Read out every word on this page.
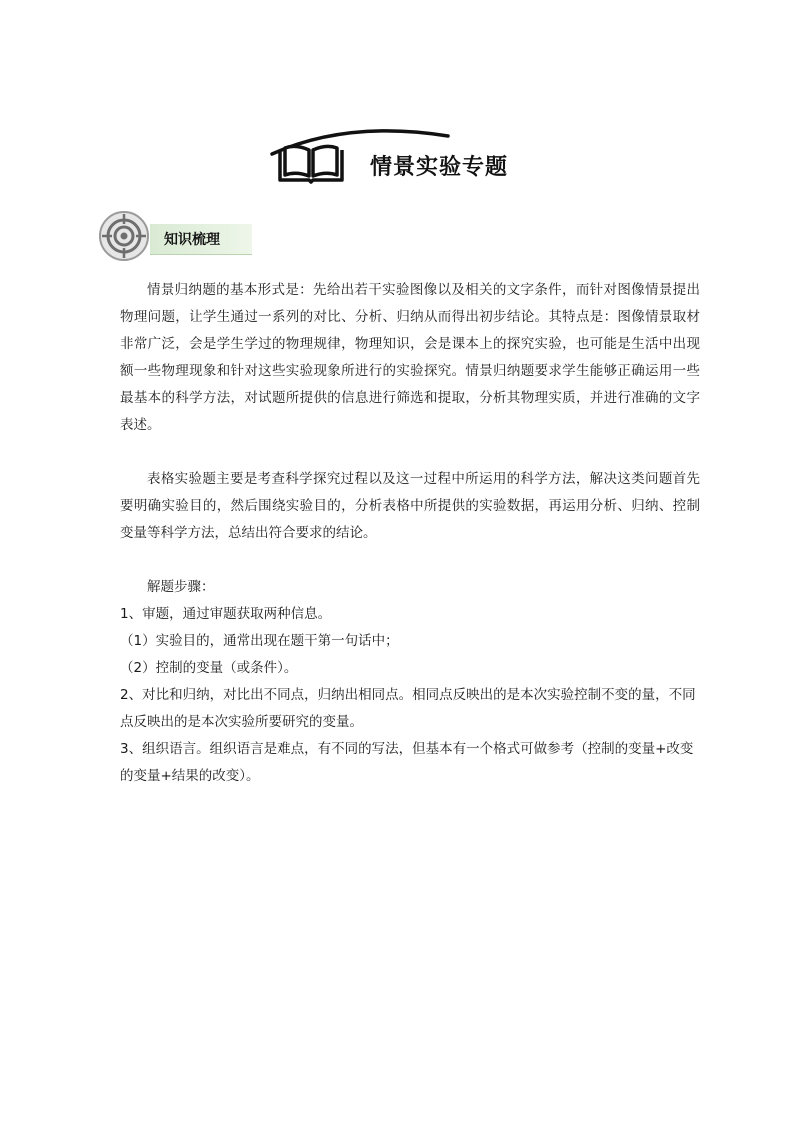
情景实验专题
知识梳理

情景归纳题的基本形式是：先给出若干实验图像以及相关的文字条件，而针对图像情景提出物理问题，让学生通过一系列的对比、分析、归纳从而得出初步结论。其特点是：图像情景取材非常广泛，会是学生学过的物理规律，物理知识，会是课本上的探究实验，也可能是生活中出现额一些物理现象和针对这些实验现象所进行的实验探究。情景归纳题要求学生能够正确运用一些最基本的科学方法，对试题所提供的信息进行筛选和提取，分析其物理实质，并进行准确的文字表述。

表格实验题主要是考查科学探究过程以及这一过程中所运用的科学方法，解决这类问题首先要明确实验目的，然后围绕实验目的，分析表格中所提供的实验数据，再运用分析、归纳、控制变量等科学方法，总结出符合要求的结论。

解题步骤：

1、审题，通过审题获取两种信息。

（1）实验目的，通常出现在题干第一句话中；

（2）控制的变量（或条件）。

2、对比和归纳，对比出不同点，归纳出相同点。相同点反映出的是本次实验控制不变的量，不同点反映出的是本次实验所要研究的变量。

3、组织语言。组织语言是难点，有不同的写法，但基本有一个格式可做参考（控制的变量+改变的变量+结果的改变）。
